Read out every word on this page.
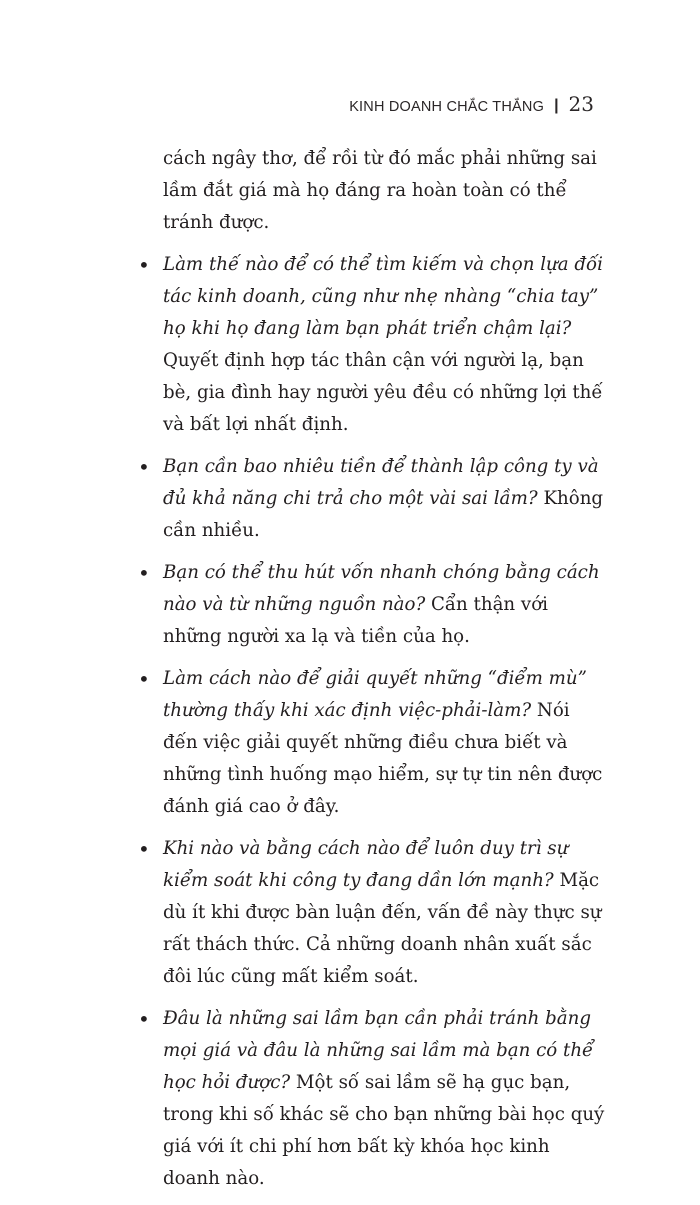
KINH DOANH CHẮC THẮNG | 23

cách ngây thơ, để rồi từ đó mắc phải những sai lầm đắt giá mà họ đáng ra hoàn toàn có thể tránh được.

• Làm thế nào để có thể tìm kiếm và chọn lựa đối tác kinh doanh, cũng như nhẹ nhàng “chia tay” họ khi họ đang làm bạn phát triển chậm lại? Quyết định hợp tác thân cận với người lạ, bạn bè, gia đình hay người yêu đều có những lợi thế và bất lợi nhất định.
• Bạn cần bao nhiêu tiền để thành lập công ty và đủ khả năng chi trả cho một vài sai lầm? Không cần nhiều.
• Bạn có thể thu hút vốn nhanh chóng bằng cách nào và từ những nguồn nào? Cẩn thận với những người xa lạ và tiền của họ.
• Làm cách nào để giải quyết những “điểm mù” thường thấy khi xác định việc-phải-làm? Nói đến việc giải quyết những điều chưa biết và những tình huống mạo hiểm, sự tự tin nên được đánh giá cao ở đây.
• Khi nào và bằng cách nào để luôn duy trì sự kiểm soát khi công ty đang dần lớn mạnh? Mặc dù ít khi được bàn luận đến, vấn đề này thực sự rất thách thức. Cả những doanh nhân xuất sắc đôi lúc cũng mất kiểm soát.
• Đâu là những sai lầm bạn cần phải tránh bằng mọi giá và đâu là những sai lầm mà bạn có thể học hỏi được? Một số sai lầm sẽ hạ gục bạn, trong khi số khác sẽ cho bạn những bài học quý giá với ít chi phí hơn bất kỳ khóa học kinh doanh nào.
